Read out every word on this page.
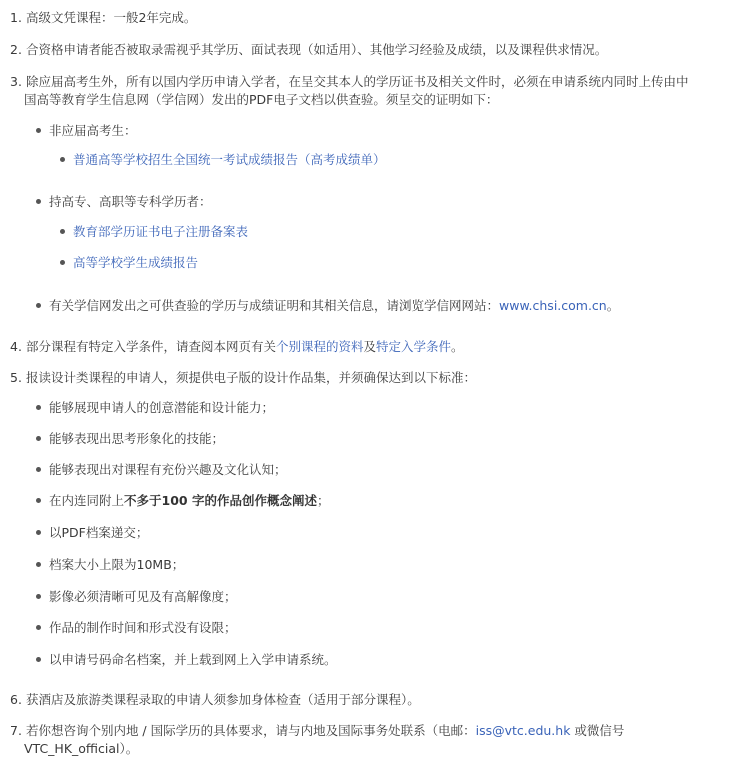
1. 高级文凭课程：一般2年完成。
2. 合资格申请者能否被取录需视乎其学历、面试表现（如适用）、其他学习经验及成绩，以及课程供求情况。
3. 除应届高考生外，所有以国内学历申请入学者，在呈交其本人的学历证书及相关文件时，必须在申请系统内同时上传由中
国高等教育学生信息网（学信网）发出的PDF电子文档以供查验。须呈交的证明如下：
非应届高考生：
普通高等学校招生全国统一考试成绩报告（高考成绩单）
持高专、高职等专科学历者：
教育部学历证书电子注册备案表
高等学校学生成绩报告
有关学信网发出之可供查验的学历与成绩证明和其相关信息，请浏览学信网网站：www.chsi.com.cn。
4. 部分课程有特定入学条件，请查阅本网页有关个别课程的资料及特定入学条件。
5. 报读设计类课程的申请人，须提供电子版的设计作品集，并须确保达到以下标准：
能够展现申请人的创意潜能和设计能力；
能够表现出思考形象化的技能；
能够表现出对课程有充份兴趣及文化认知；
在内连同附上不多于100 字的作品创作概念阐述；
以PDF档案递交；
档案大小上限为10MB；
影像必须清晰可见及有高解像度；
作品的制作时间和形式没有设限；
以申请号码命名档案，并上载到网上入学申请系统。
6. 获酒店及旅游类课程录取的申请人须参加身体检查（适用于部分课程）。
7. 若你想咨询个别内地 / 国际学历的具体要求，请与内地及国际事务处联系（电邮：iss@vtc.edu.hk 或微信号
VTC_HK_official）。
